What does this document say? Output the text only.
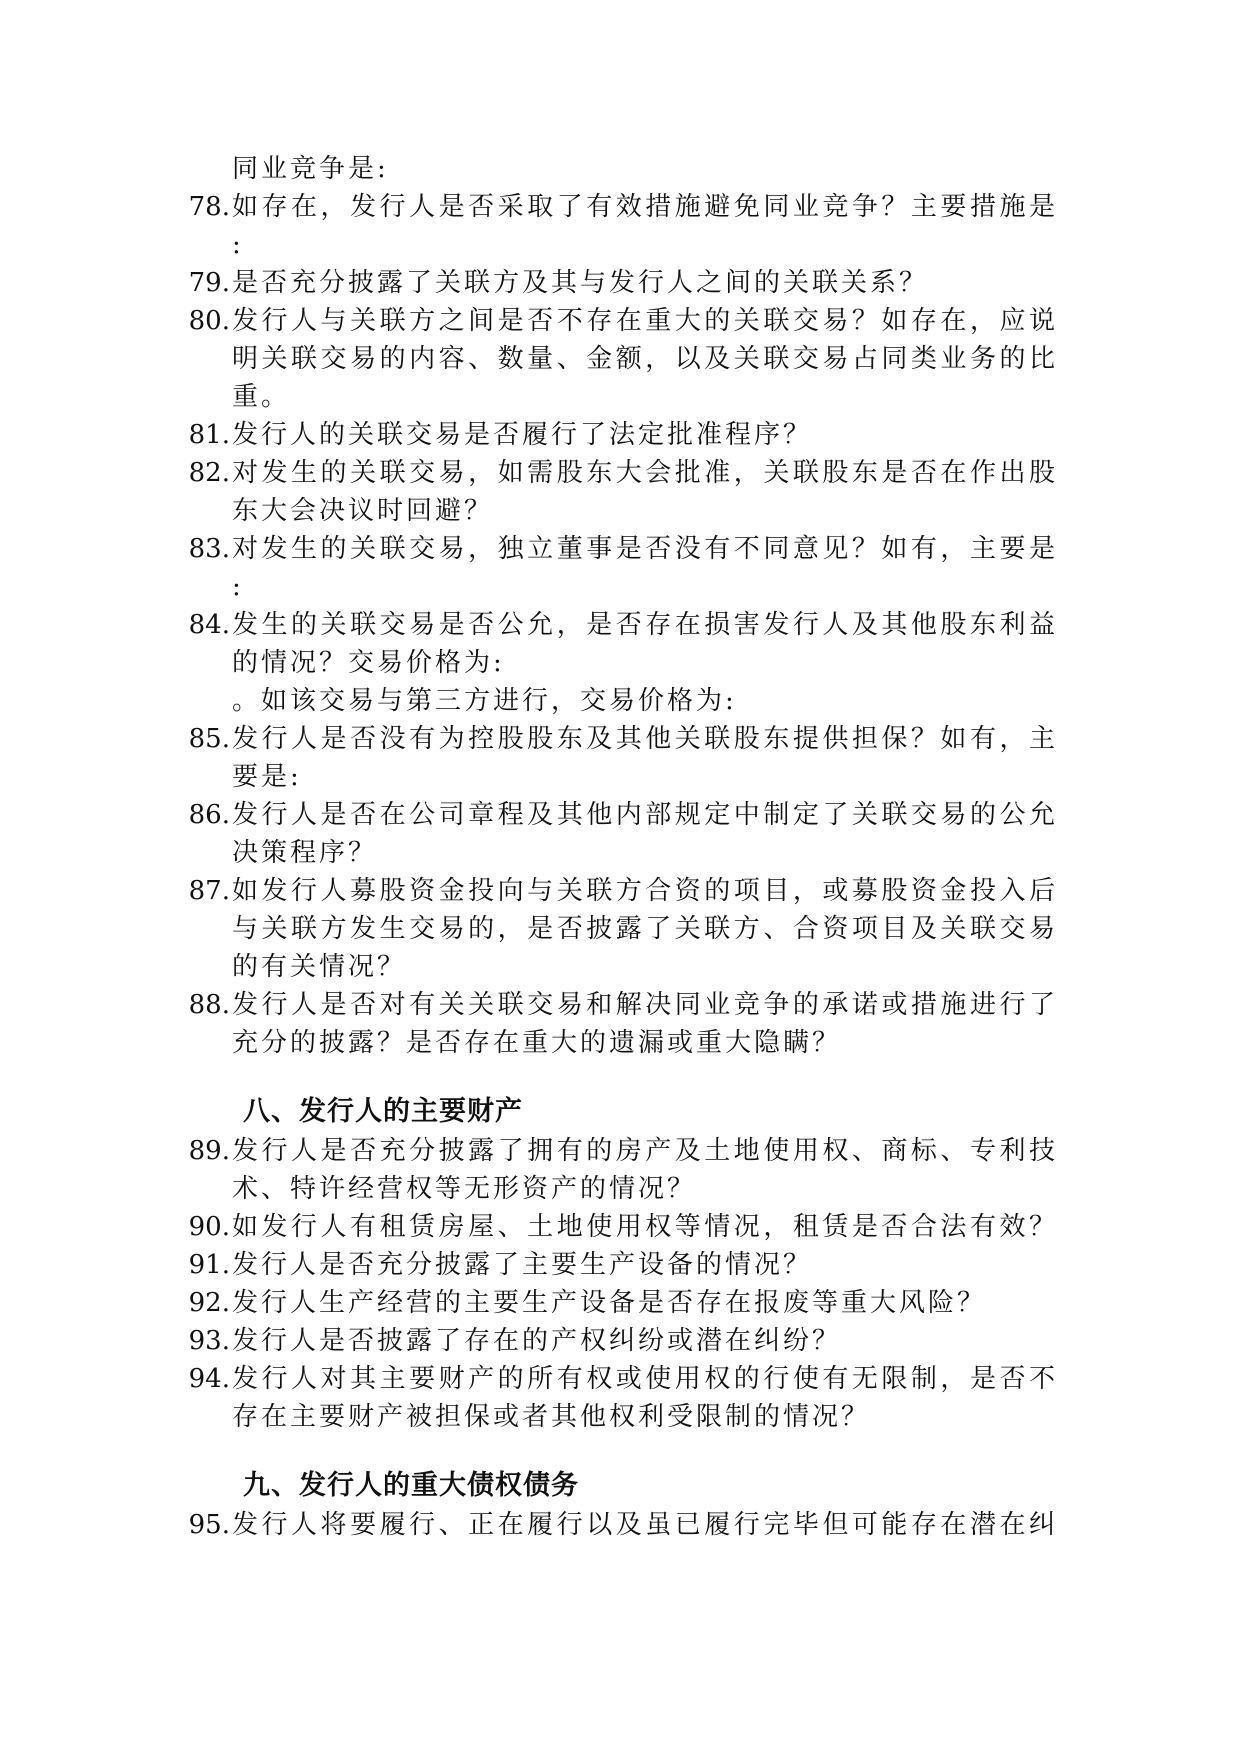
同业竞争是:
78. 如存在，发行人是否采取了有效措施避免同业竞争？主要措施是
:
79. 是否充分披露了关联方及其与发行人之间的关联关系？
80. 发行人与关联方之间是否不存在重大的关联交易？如存在，应说
明关联交易的内容、数量、金额，以及关联交易占同类业务的比
重。
81. 发行人的关联交易是否履行了法定批准程序？
82. 对发生的关联交易，如需股东大会批准，关联股东是否在作出股
东大会决议时回避？
83. 对发生的关联交易，独立董事是否没有不同意见？如有，主要是
:
84. 发生的关联交易是否公允，是否存在损害发行人及其他股东利益
的情况？交易价格为:
。如该交易与第三方进行，交易价格为:
85. 发行人是否没有为控股股东及其他关联股东提供担保？如有，主
要是:
86. 发行人是否在公司章程及其他内部规定中制定了关联交易的公允
决策程序？
87. 如发行人募股资金投向与关联方合资的项目，或募股资金投入后
与关联方发生交易的，是否披露了关联方、合资项目及关联交易
的有关情况？
88. 发行人是否对有关关联交易和解决同业竞争的承诺或措施进行了
充分的披露？是否存在重大的遗漏或重大隐瞒？
八、发行人的主要财产
89. 发行人是否充分披露了拥有的房产及土地使用权、商标、专利技
术、特许经营权等无形资产的情况？
90. 如发行人有租赁房屋、土地使用权等情况，租赁是否合法有效？
91. 发行人是否充分披露了主要生产设备的情况？
92. 发行人生产经营的主要生产设备是否存在报废等重大风险？
93. 发行人是否披露了存在的产权纠纷或潜在纠纷？
94. 发行人对其主要财产的所有权或使用权的行使有无限制，是否不
存在主要财产被担保或者其他权利受限制的情况？
九、发行人的重大债权债务
95. 发行人将要履行、正在履行以及虽已履行完毕但可能存在潜在纠
